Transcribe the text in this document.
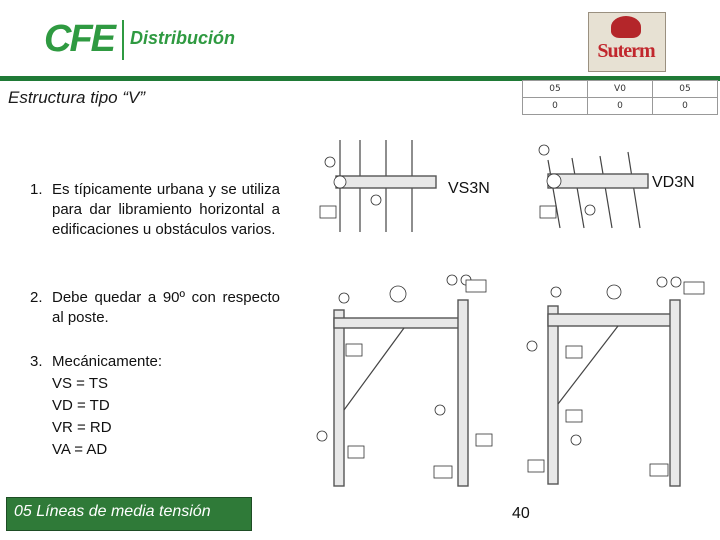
CFE Distribución
Suterm
Estructura tipo “V”	05	V0	05
0	0	0
1. Es típicamente urbana y se utiliza para dar libramiento horizontal a edificaciones u obstáculos varios.
2. Debe quedar a 90º con respecto al poste.
3. Mecánicamente:
VS = TS
VD = TD
VR = RD
VA = AD
VS3N	VD3N
05 Líneas de media tensión	40
